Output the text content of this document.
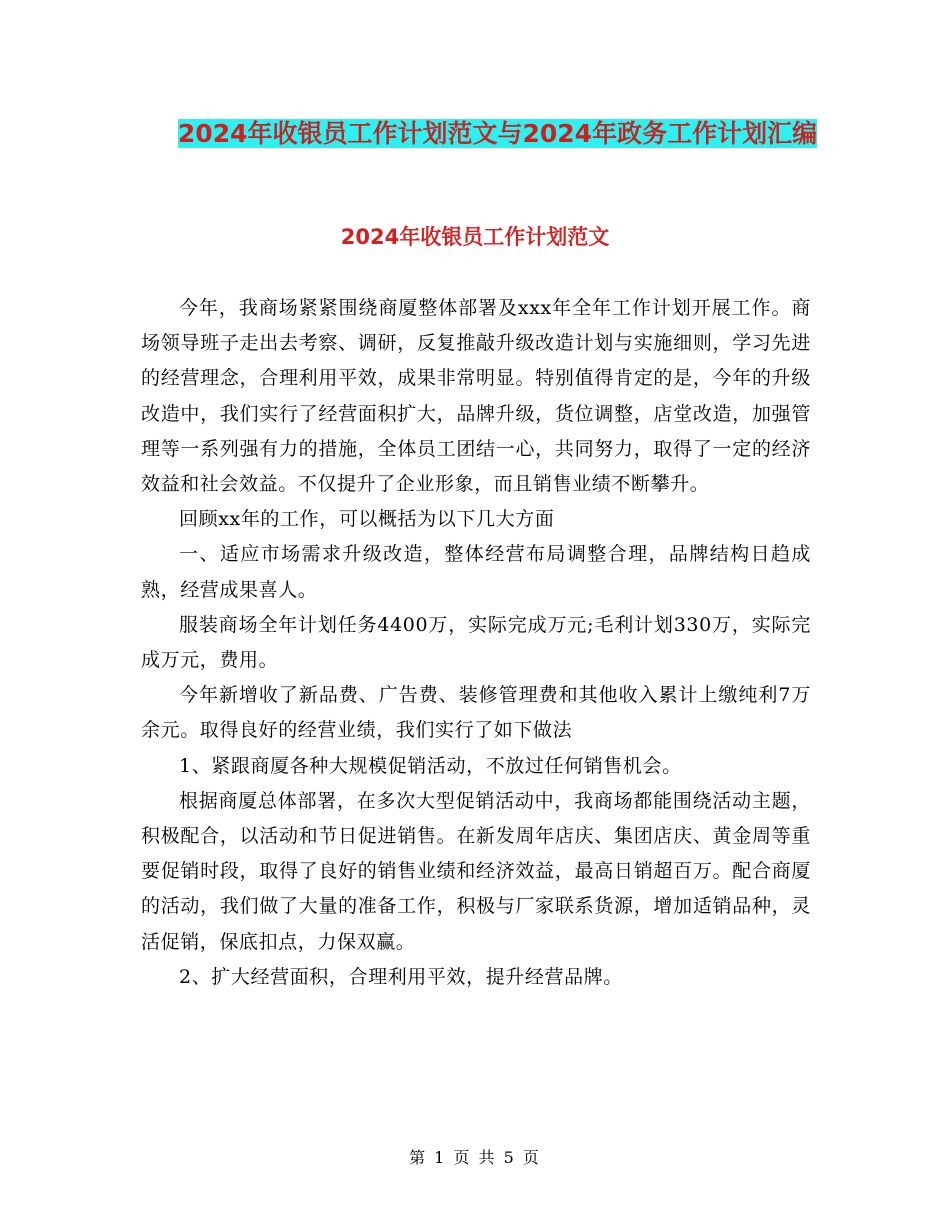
2024年收银员工作计划范文与2024年政务工作计划汇编
2024年收银员工作计划范文

今年，我商场紧紧围绕商厦整体部署及xxx年全年工作计划开展工作。商场领导班子走出去考察、调研，反复推敲升级改造计划与实施细则，学习先进的经营理念，合理利用平效，成果非常明显。特别值得肯定的是，今年的升级改造中，我们实行了经营面积扩大，品牌升级，货位调整，店堂改造，加强管理等一系列强有力的措施，全体员工团结一心，共同努力，取得了一定的经济效益和社会效益。不仅提升了企业形象，而且销售业绩不断攀升。

回顾xx年的工作，可以概括为以下几大方面

一、适应市场需求升级改造，整体经营布局调整合理，品牌结构日趋成熟，经营成果喜人。

服装商场全年计划任务4400万，实际完成万元;毛利计划330万，实际完成万元，费用。

今年新增收了新品费、广告费、装修管理费和其他收入累计上缴纯利7万余元。取得良好的经营业绩，我们实行了如下做法

1、紧跟商厦各种大规模促销活动，不放过任何销售机会。

根据商厦总体部署，在多次大型促销活动中，我商场都能围绕活动主题，积极配合，以活动和节日促进销售。在新发周年店庆、集团店庆、黄金周等重要促销时段，取得了良好的销售业绩和经济效益，最高日销超百万。配合商厦的活动，我们做了大量的准备工作，积极与厂家联系货源，增加适销品种，灵活促销，保底扣点，力保双赢。

2、扩大经营面积，合理利用平效，提升经营品牌。

第 1 页 共 5 页
